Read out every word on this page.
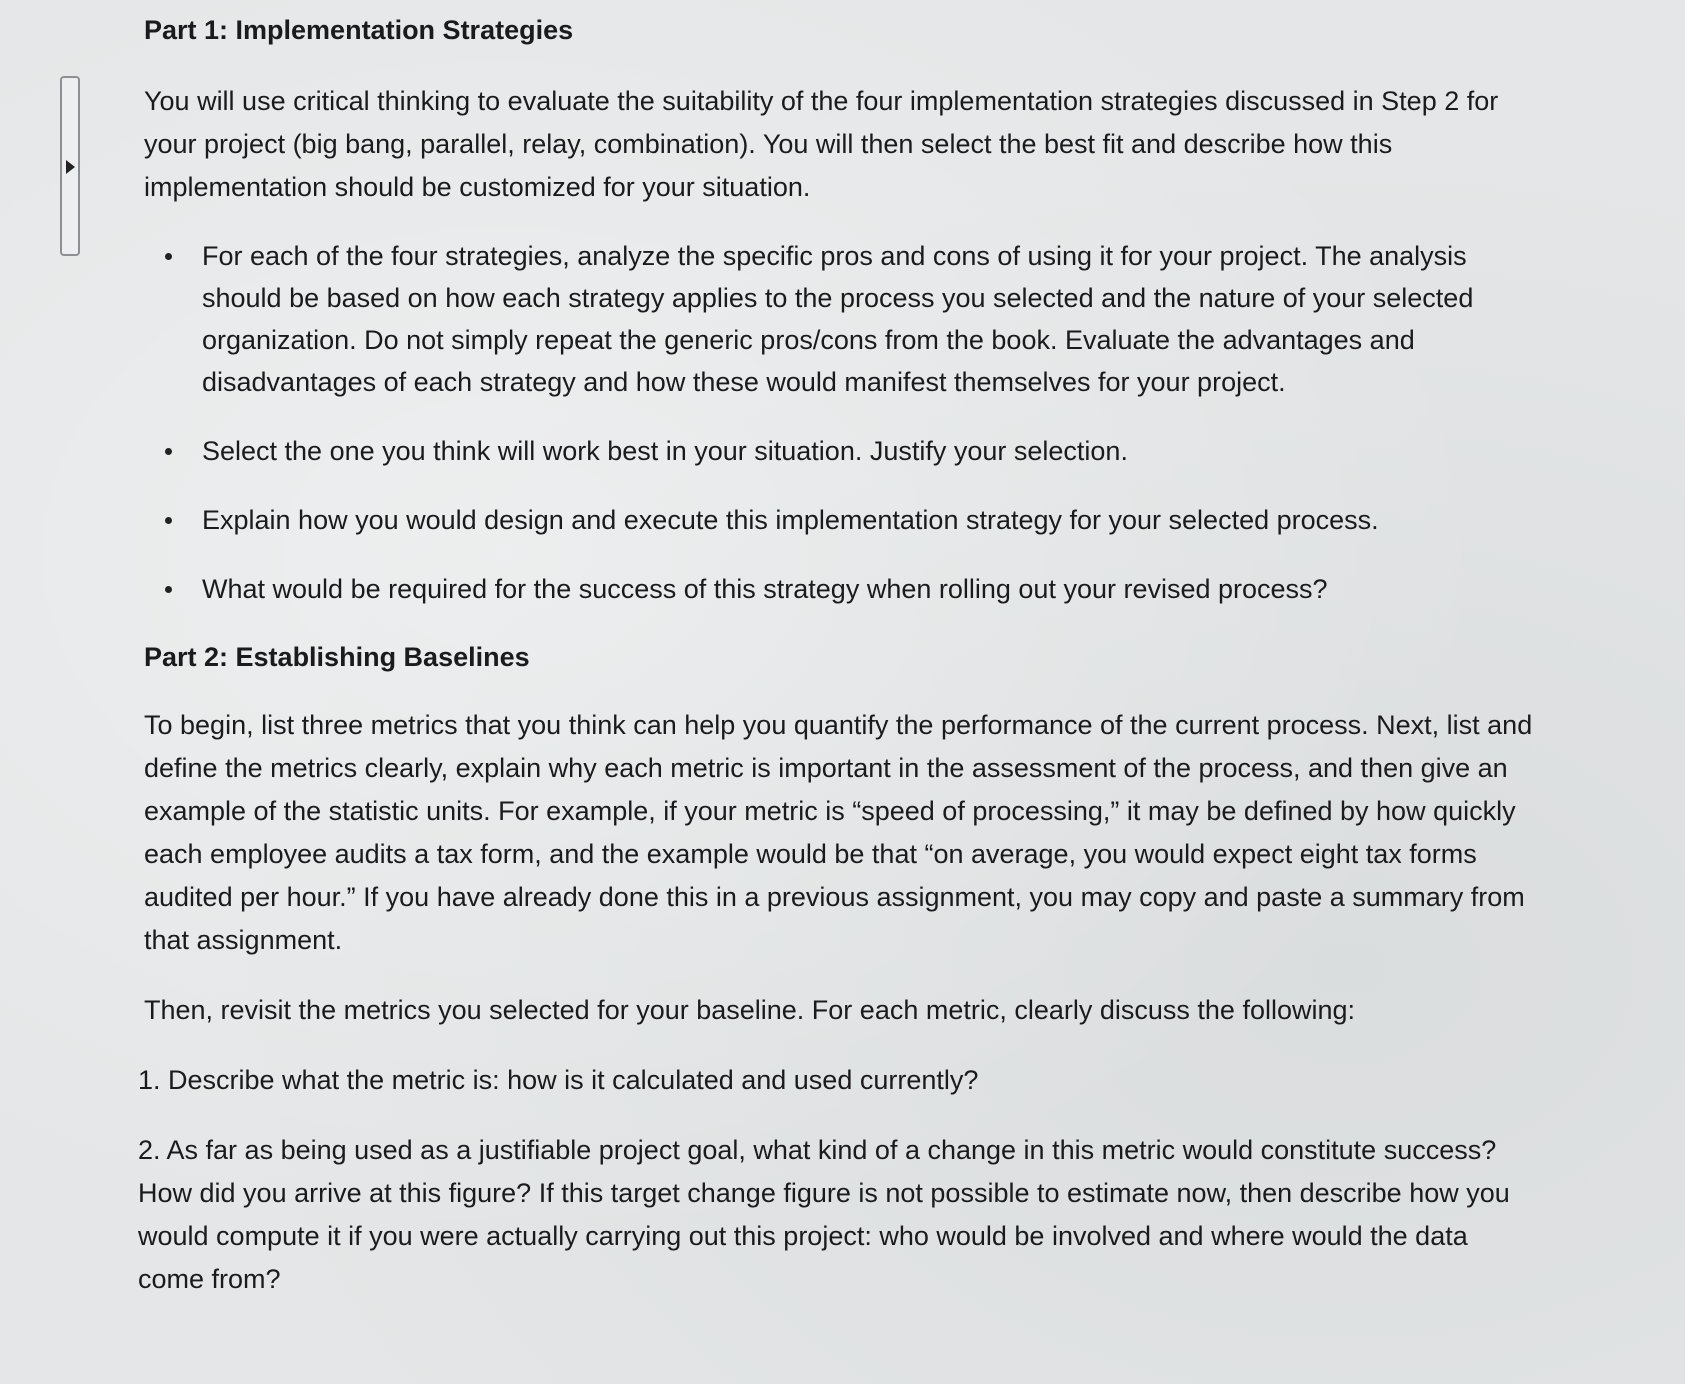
Part 1: Implementation Strategies

You will use critical thinking to evaluate the suitability of the four implementation strategies discussed in Step 2 for your project (big bang, parallel, relay, combination). You will then select the best fit and describe how this implementation should be customized for your situation.

For each of the four strategies, analyze the specific pros and cons of using it for your project. The analysis should be based on how each strategy applies to the process you selected and the nature of your selected organization. Do not simply repeat the generic pros/cons from the book. Evaluate the advantages and disadvantages of each strategy and how these would manifest themselves for your project.
Select the one you think will work best in your situation. Justify your selection.
Explain how you would design and execute this implementation strategy for your selected process.
What would be required for the success of this strategy when rolling out your revised process?
Part 2: Establishing Baselines

To begin, list three metrics that you think can help you quantify the performance of the current process. Next, list and define the metrics clearly, explain why each metric is important in the assessment of the process, and then give an example of the statistic units. For example, if your metric is “speed of processing,” it may be defined by how quickly each employee audits a tax form, and the example would be that “on average, you would expect eight tax forms audited per hour.” If you have already done this in a previous assignment, you may copy and paste a summary from that assignment.

Then, revisit the metrics you selected for your baseline. For each metric, clearly discuss the following:

1. Describe what the metric is: how is it calculated and used currently?
2. As far as being used as a justifiable project goal, what kind of a change in this metric would constitute success? How did you arrive at this figure? If this target change figure is not possible to estimate now, then describe how you would compute it if you were actually carrying out this project: who would be involved and where would the data come from?
